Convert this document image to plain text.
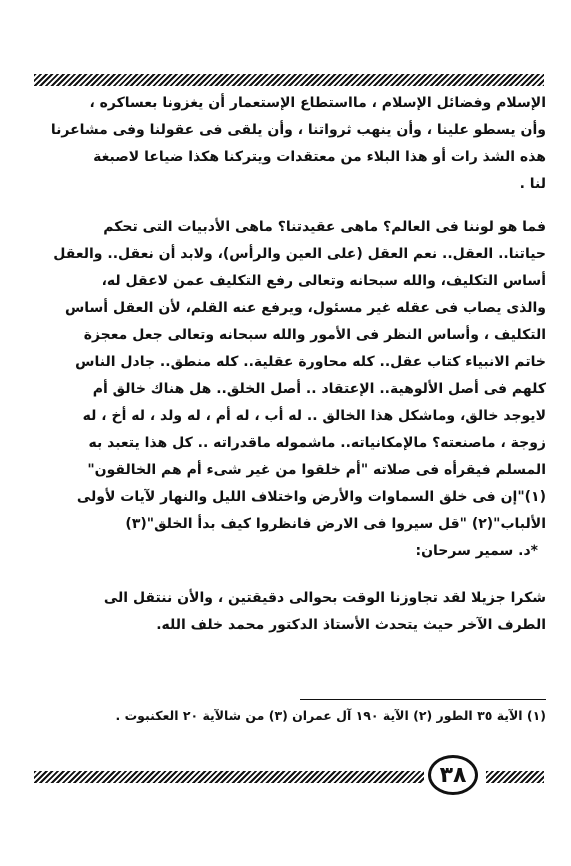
الإسلام وفضائل الإسلام ، مااستطاع الإستعمار أن يغزونا بعساكره ،
وأن يسطو علينا ، وأن ينهب ثرواتنا ، وأن يلقى فى عقولنا وفى مشاعرنا
هذه الشذ رات أو هذا البلاء من معتقدات ويتركنا هكذا ضياعا لاصبغة
لنا .

فما هو لوننا فى العالم؟ ماهى عقيدتنا؟ ماهى الأدبيات التى تحكم
حياتنا.. العقل.. نعم العقل (على العين والرأس)، ولابد أن نعقل.. والعقل
أساس التكليف، والله سبحانه وتعالى رفع التكليف عمن لاعقل له،
والذى يصاب فى عقله غير مسئول، ويرفع عنه القلم، لأن العقل أساس
التكليف ، وأساس النظر فى الأمور والله سبحانه وتعالى جعل معجزة
خاتم الانبياء كتاب عقل.. كله محاورة عقلية.. كله منطق.. جادل الناس
كلهم فى أصل الألوهية.. الإعتقاد .. أصل الخلق.. هل هناك خالق أم
لايوجد خالق، وماشكل هذا الخالق .. له أب ، له أم ، له ولد ، له أخ ، له
زوجة ، ماصنعته؟ مالإمكانياته.. ماشموله ماقدراته .. كل هذا يتعبد به
المسلم فيقرأه فى صلاته "أم خلقوا من غير شىء أم هم الخالقون"
(١)"إن فى خلق السماوات والأرض واختلاف الليل والنهار لآيات لأولى
الألباب"(٢) "قل سيروا فى الارض فانظروا كيف بدأ الخلق"(٣)

*د. سمير سرحان:

شكرا جزيلا لقد تجاوزنا الوقت بحوالى دقيقتين ، والأن ننتقل الى
الطرف الآخر حيث يتحدث الأستاذ الدكتور محمد خلف الله.

(١) الآية ٣٥ الطور (٢) الآية ١٩٠ آل عمران (٣) من شالآية ٢٠ العكنبوت .
٣٨
